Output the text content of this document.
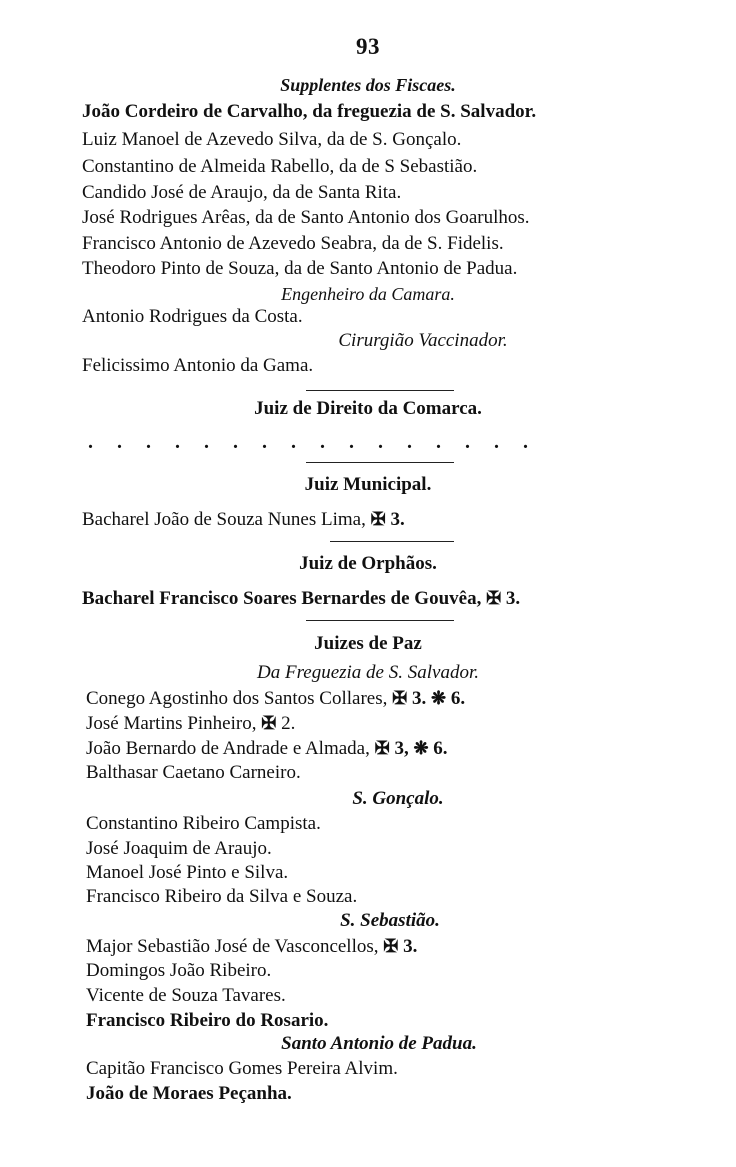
93
Supplentes dos Fiscaes.
João Cordeiro de Carvalho, da freguezia de S. Salvador.
Luiz Manoel de Azevedo Silva, da de S. Gonçalo.
Constantino de Almeida Rabello, da de S Sebastião.
Candido José de Araujo, da de Santa Rita.
José Rodrigues Arêas, da de Santo Antonio dos Goarulhos.
Francisco Antonio de Azevedo Seabra, da de S. Fidelis.
Theodoro Pinto de Souza, da de Santo Antonio de Padua.
Engenheiro da Camara.
Antonio Rodrigues da Costa.
Cirurgião Vaccinador.
Felicissimo Antonio da Gama.
Juiz de Direito da Comarca.
. . . . . . . . . . . . . . . .
Juiz Municipal.
Bacharel João de Souza Nunes Lima, ✠ 3.
Juiz de Orphãos.
Bacharel Francisco Soares Bernardes de Gouvêa, ✠ 3.
Juizes de Paz
Da Freguezia de S. Salvador.
Conego Agostinho dos Santos Collares, ✠ 3. ❋ 6.
José Martins Pinheiro, ✠ 2.
João Bernardo de Andrade e Almada, ✠ 3, ❋ 6.
Balthasar Caetano Carneiro.
S. Gonçalo.
Constantino Ribeiro Campista.
José Joaquim de Araujo.
Manoel José Pinto e Silva.
Francisco Ribeiro da Silva e Souza.
S. Sebastião.
Major Sebastião José de Vasconcellos, ✠ 3.
Domingos João Ribeiro.
Vicente de Souza Tavares.
Francisco Ribeiro do Rosario.
Santo Antonio de Padua.
Capitão Francisco Gomes Pereira Alvim.
João de Moraes Peçanha.
